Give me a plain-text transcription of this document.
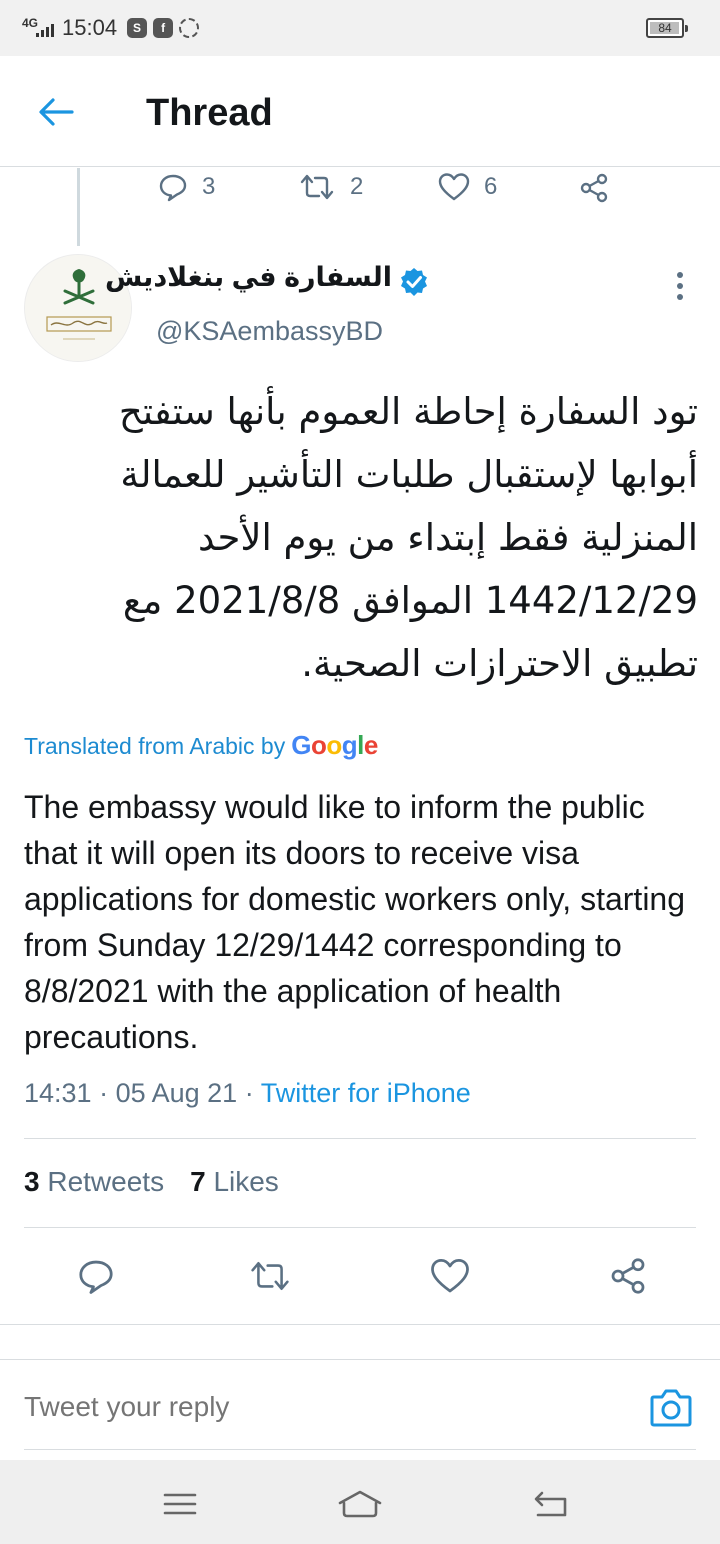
4G 15:04	S	f	84
Thread
3	2	6
السفارة في بنغلاديش
@KSAembassyBD
تود السفارة إحاطة العموم بأنها ستفتح أبوابها لإستقبال طلبات التأشير للعمالة المنزلية فقط إبتداء من يوم الأحد 1442/12/29 الموافق 2021/8/8 مع تطبيق الاحترازات الصحية.
Translated from Arabic by Google
The embassy would like to inform the public that it will open its doors to receive visa applications for domestic workers only, starting from Sunday 12/29/1442 corresponding to 8/8/2021 with the application of health precautions.
14:31 · 05 Aug 21 · Twitter for iPhone
3 Retweets 7 Likes
Tweet your reply
